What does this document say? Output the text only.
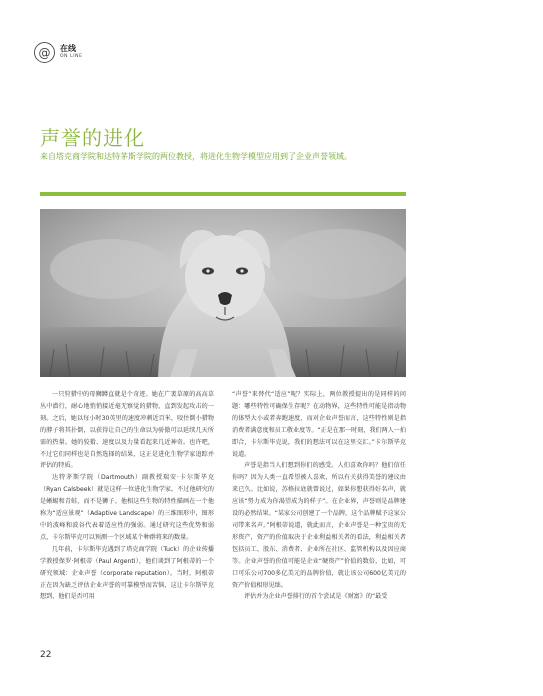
@	在线
ON LINE
声誉的进化
来自塔克商学院和达特茅斯学院的两位教授，将进化生物学模型应用到了企业声誉领域。

一只狩猎中的母狮蹲直就是个奇迹。她在广袤草原的高高草丛中潜行，耐心地悄悄接近毫无察觉的猎物，直到发起攻击的一刻。之后，她以每小时30英里的速度冲刺近百米，咬住倒小猎物的脖子将其扑倒，以获得让自己的生命以为骄傲可以延续几天所需的热量。她的狡猾、速度以及力量看起来几近神奇。也许吧，不过它们同样也是自然选择的结果，这正是进化生物学家追踪并评估的特质。

达特茅斯学院（Dartmouth）副教授瑞安·卡尔斯毕克（Ryan Calsbeek）就是这样一位进化生物学家。不过他研究的是蜥蜴和青蛙，而不是狮子。他相这些生物的特性描画在一个他称为“适应景观”（Adaptive Landscape）的三维图形中，图形中的波峰和波谷代表着适应性的强弱。通过研究这些优势和弱点，卡尔斯毕克可以预测一个区域某个种群将来的数量。

几年前，卡尔斯毕克遇到了塔克商学院（Tuck）的企业传播学教授保罗·阿根蒂（Paul Argenti），他们谈到了阿根蒂的一个研究领域：企业声誉（corporate reputation）。当时，阿根蒂正在因为缺乏评估企业声誉的可靠模型而苦恼，这让卡尔斯毕克想到，他们是否可用

“声誉”来替代“适应”呢？实际上，两位教授提出的是同样的问题：哪些特性可确保生存呢？在动物界，这些特性可能是指动物的体型大小或者奔跑速度，而对企业声誉而言，这些特性则是指消费者满意度和员工敬业度等。“正是在那一时刻，我们两人一拍即合，卡尔斯毕克说，我们的想法可以在这里交汇。”卡尔斯毕克说道。

声誉是指当人们想到你们的感受。人们喜欢你吗？他们信任你吗？因为人类一直希望被人喜欢，所以有关获得美誉的建议由来已久。比如说，苏格拉底就曾说过，如果你想获得好名声，就应该“努力成为你渴望成为的样子”。在企业界，声誉则是品牌建设的必然结果。“某家公司创建了一个品牌，这个品牌赋予这家公司带来名声。”阿根蒂说道，就此而言，企业声誉是一种宝贵的无形资产，资产的价值取决于企业利益相关者的看法，利益相关者包括员工、股东、消费者、企业所在社区、监管机构以及因应商等。企业声誉的价值可能是企业“硬资产”价值的数倍，比如，可口可乐公司700多亿美元的品牌价值，就让该公司600亿美元的资产价值相形见绌。

评估并为企业声誉排行的首个尝试是《财富》的“最受

22
